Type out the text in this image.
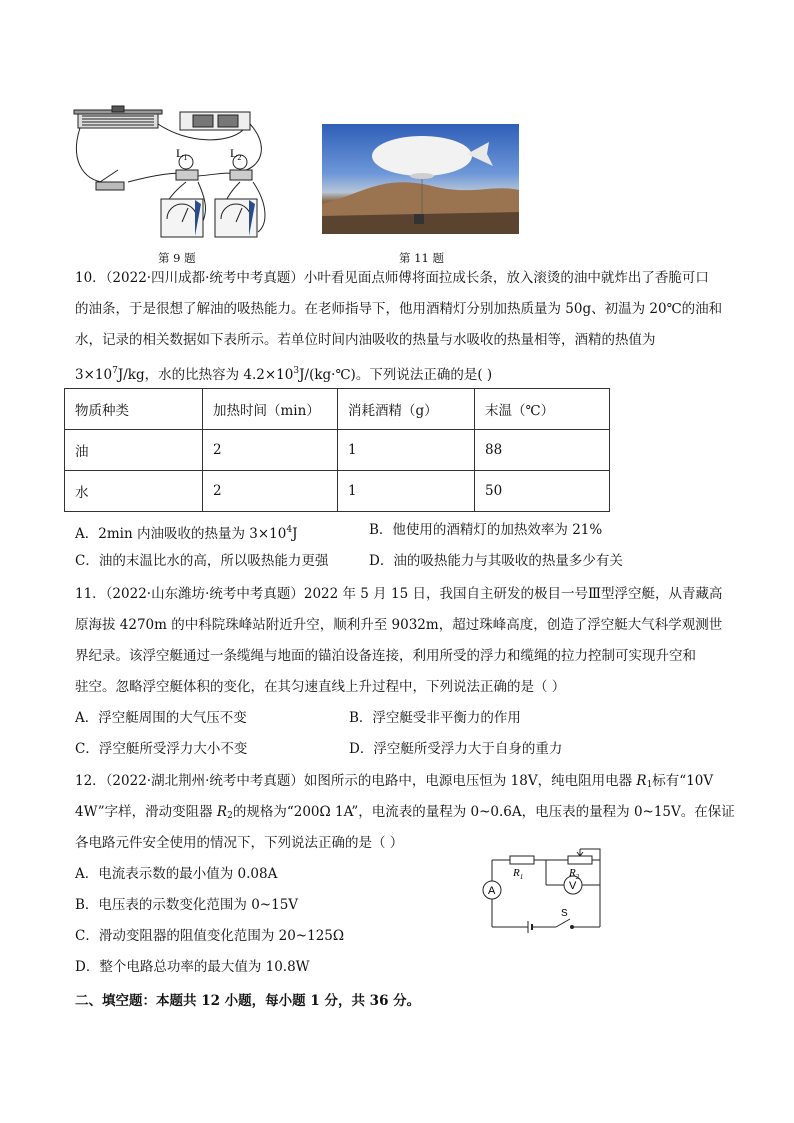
$L_1$	$L_2$
第 9 题	第 11 题
10．（2022·四川成都·统考中考真题）小叶看见面点师傅将面拉成长条，放入滚烫的油中就炸出了香脆可口
的油条，于是很想了解油的吸热能力。在老师指导下，他用酒精灯分别加热质量为 50g、初温为 20℃的油和
水，记录的相关数据如下表所示。若单位时间内油吸收的热量与水吸收的热量相等，酒精的热值为
$3\times 10^7J/kg$，水的比热容为 $4.2\times 10^3J/(kg\cdot℃)$。下列说法正确的是( )
物质种类	加热时间（min）	消耗酒精（g）	末温（℃）
油	2	1	88
水	2	1	50
A．2min 内油吸收的热量为 $3\times 10^4J$	B．他使用的酒精灯的加热效率为 21%
C．油的末温比水的高，所以吸热能力更强	D．油的吸热能力与其吸收的热量多少有关
11．（2022·山东潍坊·统考中考真题）2022 年 5 月 15 日，我国自主研发的极目一号Ⅲ型浮空艇，从青藏高
原海拔 4270m 的中科院珠峰站附近升空，顺利升至 9032m，超过珠峰高度，创造了浮空艇大气科学观测世
界纪录。该浮空艇通过一条缆绳与地面的锚泊设备连接，利用所受的浮力和缆绳的拉力控制可实现升空和
驻空。忽略浮空艇体积的变化，在其匀速直线上升过程中，下列说法正确的是（ ）
A．浮空艇周围的大气压不变	B．浮空艇受非平衡力的作用
C．浮空艇所受浮力大小不变	D．浮空艇所受浮力大于自身的重力
12．（2022·湖北荆州·统考中考真题）如图所示的电路中，电源电压恒为 18V，纯电阻用电器 $R_1$标有“10V
4W”字样，滑动变阻器 $R_2$的规格为“200Ω 1A”，电流表的量程为 0~0.6A，电压表的量程为 0~15V。在保证
各电路元件安全使用的情况下，下列说法正确的是（ ）
A．电流表示数的最小值为 0.08A
B．电压表的示数变化范围为 0~15V
C．滑动变阻器的阻值变化范围为 20~125Ω
D．整个电路总功率的最大值为 10.8W
$R_1$	$R_2$
A	V
S
二、填空题：本题共 12 小题，每小题 1 分，共 36 分。
